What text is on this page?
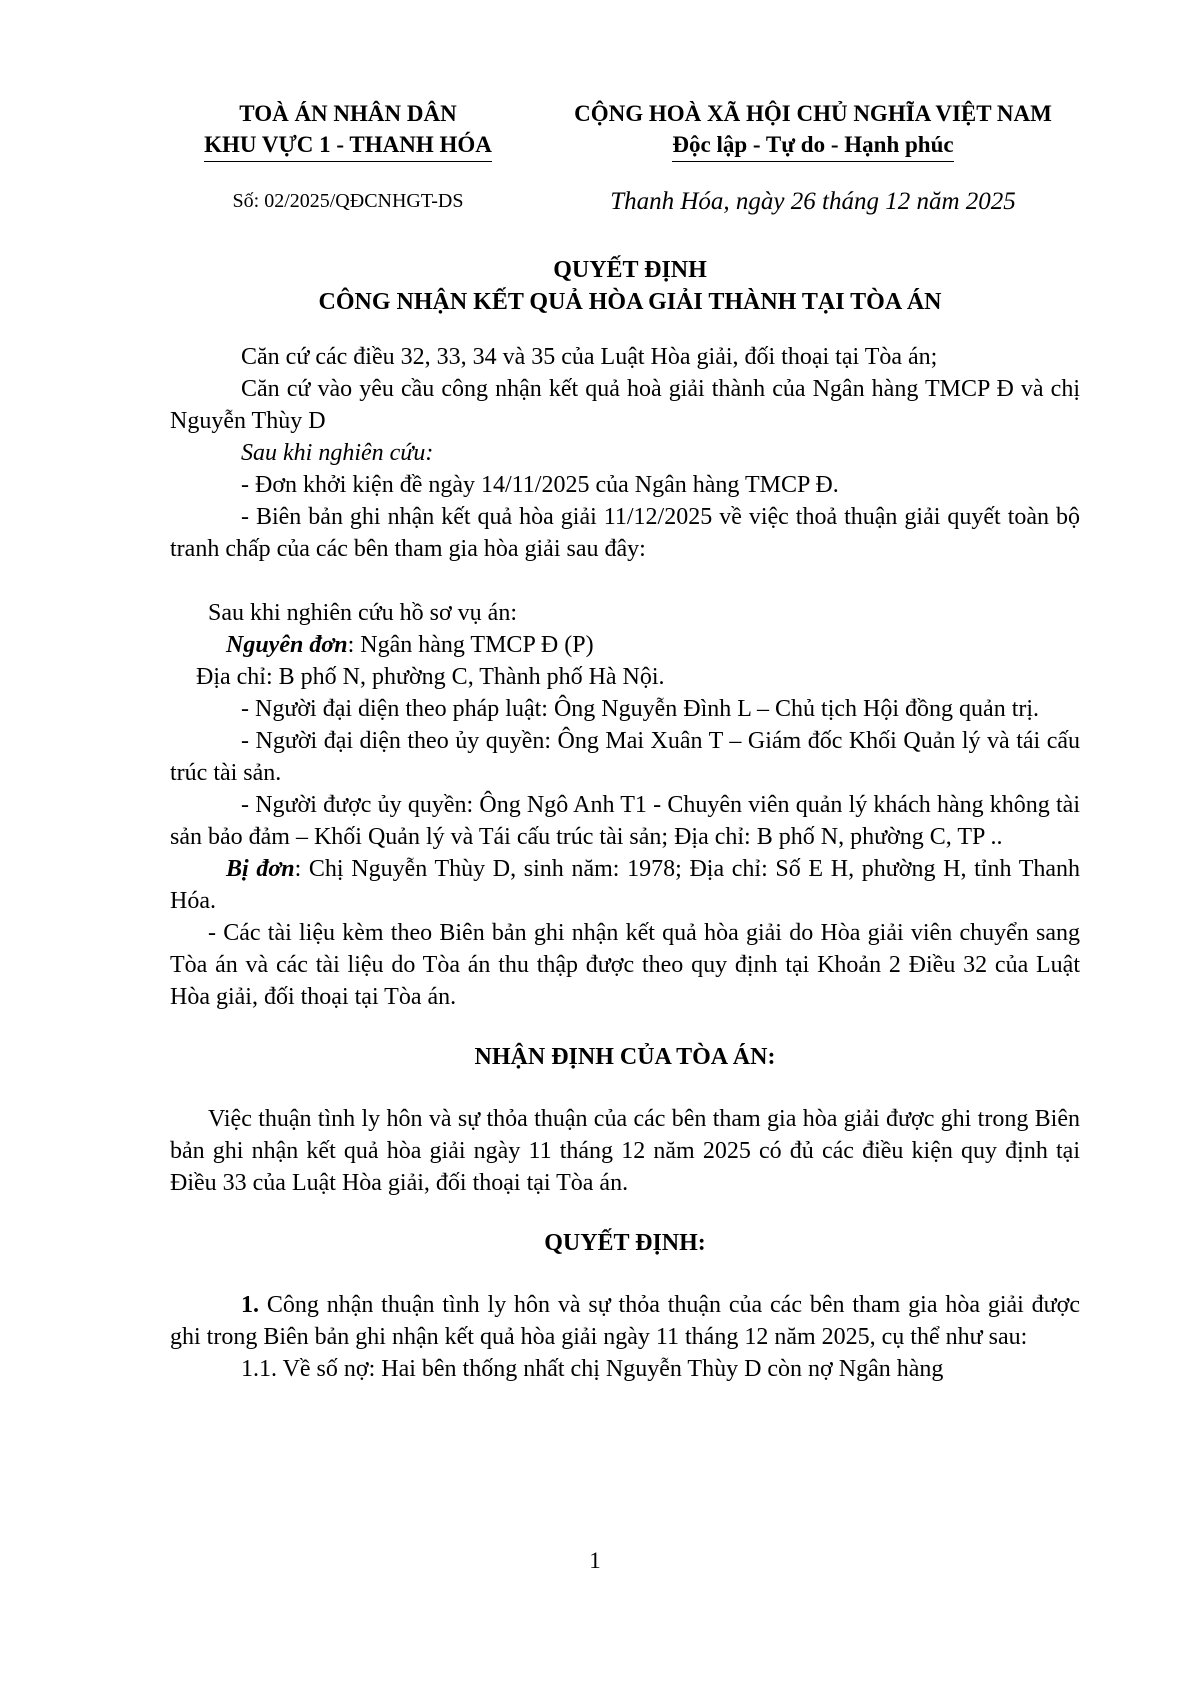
TOÀ ÁN NHÂN DÂN
KHU VỰC 1 - THANH HÓA
CỘNG HOÀ XÃ HỘI CHỦ NGHĨA VIỆT NAM
Độc lập - Tự do - Hạnh phúc
Số: 02/2025/QĐCNHGT-DS	Thanh Hóa, ngày 26 tháng 12 năm 2025
QUYẾT ĐỊNH
CÔNG NHẬN KẾT QUẢ HÒA GIẢI THÀNH TẠI TÒA ÁN

Căn cứ các điều 32, 33, 34 và 35 của Luật Hòa giải, đối thoại tại Tòa án;

Căn cứ vào yêu cầu công nhận kết quả hoà giải thành của Ngân hàng TMCP Đ và chị Nguyễn Thùy D

Sau khi nghiên cứu:

- Đơn khởi kiện đề ngày 14/11/2025 của Ngân hàng TMCP Đ.

- Biên bản ghi nhận kết quả hòa giải 11/12/2025 về việc thoả thuận giải quyết toàn bộ tranh chấp của các bên tham gia hòa giải sau đây:

Sau khi nghiên cứu hồ sơ vụ án:

Nguyên đơn: Ngân hàng TMCP Đ (P)

Địa chỉ: B phố N, phường C, Thành phố Hà Nội.

- Người đại diện theo pháp luật: Ông Nguyễn Đình L – Chủ tịch Hội đồng quản trị.

- Người đại diện theo ủy quyền: Ông Mai Xuân T – Giám đốc Khối Quản lý và tái cấu trúc tài sản.

- Người được ủy quyền: Ông Ngô Anh T1 - Chuyên viên quản lý khách hàng không tài sản bảo đảm – Khối Quản lý và Tái cấu trúc tài sản; Địa chỉ: B phố N, phường C, TP ..

Bị đơn: Chị Nguyễn Thùy D, sinh năm: 1978; Địa chỉ: Số E H, phường H, tỉnh Thanh Hóa.

- Các tài liệu kèm theo Biên bản ghi nhận kết quả hòa giải do Hòa giải viên chuyển sang Tòa án và các tài liệu do Tòa án thu thập được theo quy định tại Khoản 2 Điều 32 của Luật Hòa giải, đối thoại tại Tòa án.

NHẬN ĐỊNH CỦA TÒA ÁN:

Việc thuận tình ly hôn và sự thỏa thuận của các bên tham gia hòa giải được ghi trong Biên bản ghi nhận kết quả hòa giải ngày 11 tháng 12 năm 2025 có đủ các điều kiện quy định tại Điều 33 của Luật Hòa giải, đối thoại tại Tòa án.

QUYẾT ĐỊNH:

1. Công nhận thuận tình ly hôn và sự thỏa thuận của các bên tham gia hòa giải được ghi trong Biên bản ghi nhận kết quả hòa giải ngày 11 tháng 12 năm 2025, cụ thể như sau:

1.1. Về số nợ: Hai bên thống nhất chị Nguyễn Thùy D còn nợ Ngân hàng

1
